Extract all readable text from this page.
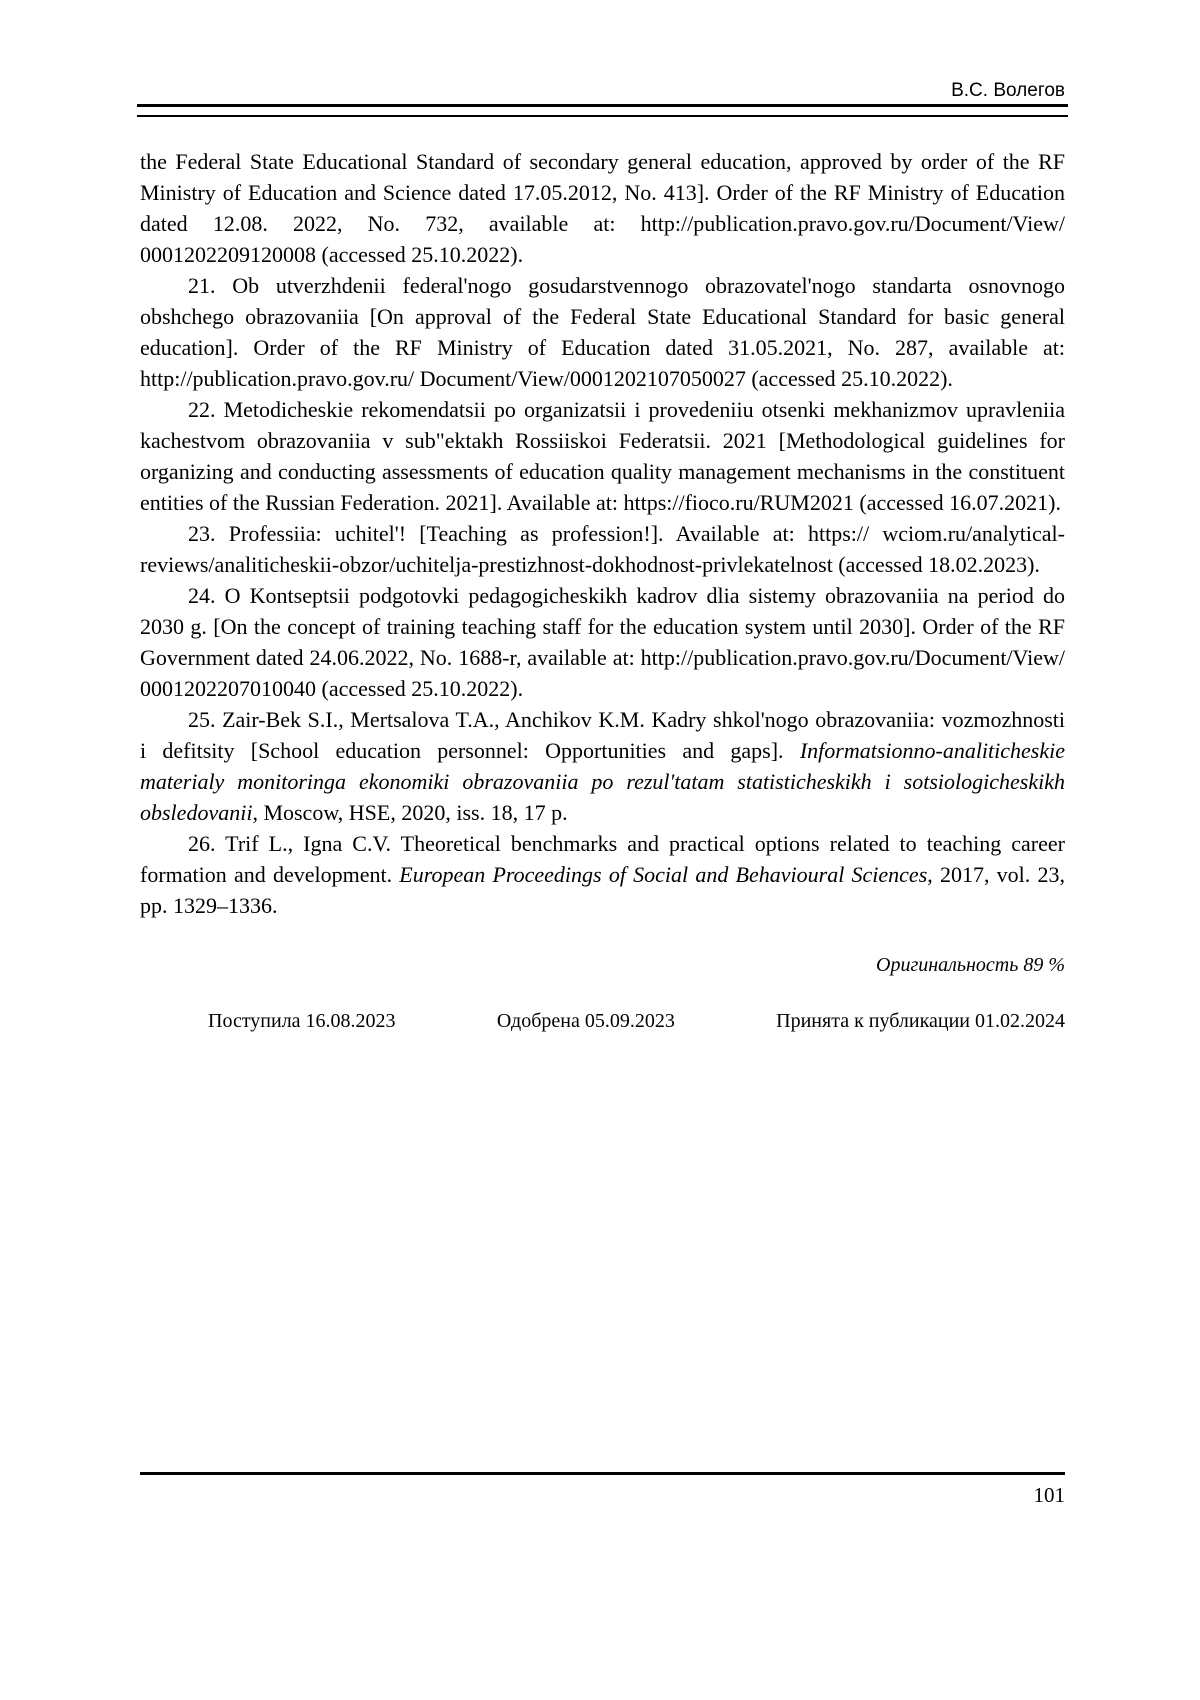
В.С. Волегов

the Federal State Educational Standard of secondary general education, approved by order of the RF Ministry of Education and Science dated 17.05.2012, No. 413]. Order of the RF Ministry of Education dated 12.08. 2022, No. 732, available at: http://publication.pravo.gov.ru/Document/View/ 0001202209120008 (accessed 25.10.2022).

21. Ob utverzhdenii federal'nogo gosudarstvennogo obrazovatel'nogo standarta osnovnogo obshchego obrazovaniia [On approval of the Federal State Educational Standard for basic general education]. Order of the RF Ministry of Education dated 31.05.2021, No. 287, available at: http://publication.pravo.gov.ru/ Document/View/0001202107050027 (accessed 25.10.2022).

22. Metodicheskie rekomendatsii po organizatsii i provedeniiu otsenki mekhanizmov upravleniia kachestvom obrazovaniia v sub"ektakh Rossiiskoi Federatsii. 2021 [Methodological guidelines for organizing and conducting assessments of education quality management mechanisms in the constituent entities of the Russian Federation. 2021]. Available at: https://fioco.ru/RUM2021 (accessed 16.07.2021).

23. Professiia: uchitel'! [Teaching as profession!]. Available at: https:// wciom.ru/analytical-reviews/analiticheskii-obzor/uchitelja-prestizhnost-dokhodnost-privlekatelnost (accessed 18.02.2023).

24. O Kontseptsii podgotovki pedagogicheskikh kadrov dlia sistemy obrazovaniia na period do 2030 g. [On the concept of training teaching staff for the education system until 2030]. Order of the RF Government dated 24.06.2022, No. 1688-r, available at: http://publication.pravo.gov.ru/Document/View/ 0001202207010040 (accessed 25.10.2022).

25. Zair-Bek S.I., Mertsalova T.A., Anchikov K.M. Kadry shkol'nogo obrazovaniia: vozmozhnosti i defitsity [School education personnel: Opportunities and gaps]. Informatsionno-analiticheskie materialy monitoringa ekonomiki obrazovaniia po rezul'tatam statisticheskikh i sotsiologicheskikh obsledovanii, Moscow, HSE, 2020, iss. 18, 17 p.

26. Trif L., Igna C.V. Theoretical benchmarks and practical options related to teaching career formation and development. European Proceedings of Social and Behavioural Sciences, 2017, vol. 23, pp. 1329–1336.

Оригинальность 89 %
Поступила 16.08.2023	Одобрена 05.09.2023	Принята к публикации 01.02.2024
101
